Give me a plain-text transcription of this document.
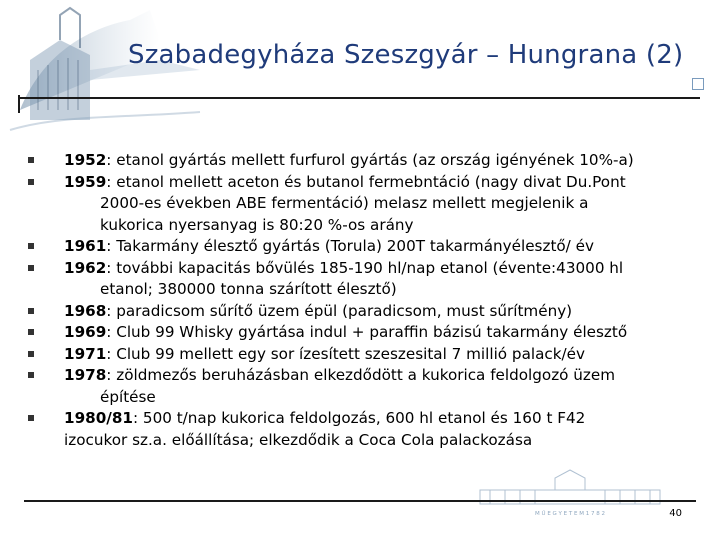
Szabadegyháza Szeszgyár – Hungrana (2)
1952: etanol gyártás mellett furfurol gyártás (az ország igényének 10%-a)
1959: etanol mellett aceton és butanol fermebntáció (nagy divat Du.Pont
2000-es években ABE fermentáció) melasz mellett megjelenik a
kukorica nyersanyag is 80:20 %-os arány
1961: Takarmány élesztő gyártás (Torula) 200T takarmányélesztő/ év
1962: további kapacitás bővülés 185-190 hl/nap etanol (évente:43000 hl
etanol; 380000 tonna szárított élesztő)
1968: paradicsom sűrítő üzem épül (paradicsom, must sűrítmény)
1969: Club 99 Whisky gyártása indul + paraffin bázisú takarmány élesztő
1971: Club 99 mellett egy sor ízesített szeszesital 7 millió palack/év
1978: zöldmezős beruházásban elkezdődött a kukorica feldolgozó üzem
építése
1980/81: 500 t/nap kukorica feldolgozás, 600 hl etanol és 160 t F42
izocukor sz.a. előállítása; elkezdődik a Coca Cola palackozása
M Ű E G Y E T E M 1 7 8 2	40
